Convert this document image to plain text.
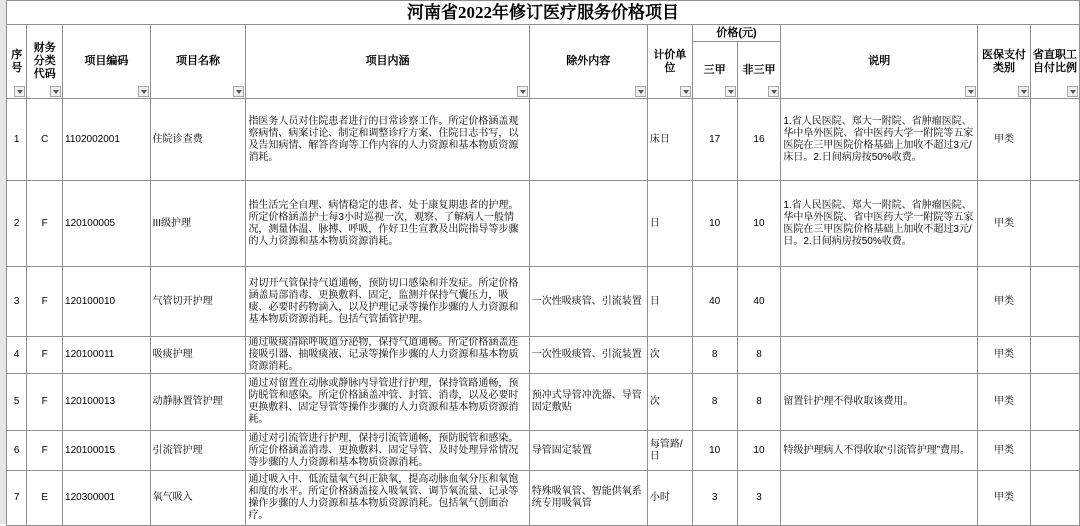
河南省2022年修订医疗服务价格项目											

序号	财务分类代码	项目编码	项目名称	项目内涵	除外内容	计价单位	价格(元)		说明	医保支付类别	省直职工自付比例

							三甲	非三甲			

1	C	1102002001	住院诊查费	指医务人员对住院患者进行的日常诊察工作。所定价格涵盖观察病情、病案讨论、制定和调整诊疗方案、住院日志书写，以及告知病情、解答咨询等工作内容的人力资源和基本物质资源消耗。		床日	17	16	1.省人民医院、郑大一附院、省肿瘤医院、华中阜外医院、省中医药大学一附院等五家医院在三甲医院价格基础上加收不超过3元/床日。2.日间病房按50%收费。	甲类	
2	F	120100005	III级护理	指生活完全自理、病情稳定的患者、处于康复期患者的护理。所定价格涵盖护士每3小时巡视一次，观察、了解病人一般情况，测量体温、脉搏、呼吸，作好卫生宣教及出院指导等步骤的人力资源和基本物质资源消耗。		日	10	10	1.省人民医院、郑大一附院、省肿瘤医院、华中阜外医院、省中医药大学一附院等五家医院在三甲医院价格基础上加收不超过3元/日。2.日间病房按50%收费。	甲类	
3	F	120100010	气管切开护理	对切开气管保持气道通畅，预防切口感染和并发症。所定价格涵盖局部消毒、更换敷料、固定，监测并保持气囊压力，吸痰、必要时药物滴入，以及护理记录等操作步骤的人力资源和基本物质资源消耗。包括气管插管护理。	一次性吸痰管、引流装置	日	40	40		甲类	
4	F	120100011	吸痰护理	通过吸痰清除呼吸道分泌物，保持气道通畅。所定价格涵盖连接吸引器、抽吸痰液、记录等操作步骤的人力资源和基本物质资源消耗。	一次性吸痰管、引流装置	次	8	8		甲类	
5	F	120100013	动静脉置管护理	通过对留置在动脉或静脉内导管进行护理，保持管路通畅，预防脱管和感染。所定价格涵盖冲管、封管、消毒，以及必要时更换敷料、固定导管等操作步骤的人力资源和基本物质资源消耗。	预冲式导管冲洗器、导管固定敷贴	次	8	8	留置针护理不得收取该费用。	甲类	
6	F	120100015	引流管护理	通过对引流管进行护理，保持引流管通畅，预防脱管和感染。所定价格涵盖消毒、更换敷料、固定导管、及时处理异常情况等步骤的人力资源和基本物质资源消耗。	导管固定装置	每管路/日	10	10	特级护理病人不得收取“引流管护理”费用。	甲类	
7	E	120300001	氧气吸入	通过吸入中、低流量氧气纠正缺氧，提高动脉血氧分压和氧饱和度的水平。所定价格涵盖接入吸氧管、调节氧流量、记录等操作步骤的人力资源和基本物质资源消耗。包括氧气创面治疗。	特殊吸氧管、智能供氧系统专用吸氧管	小时	3	3		甲类	
